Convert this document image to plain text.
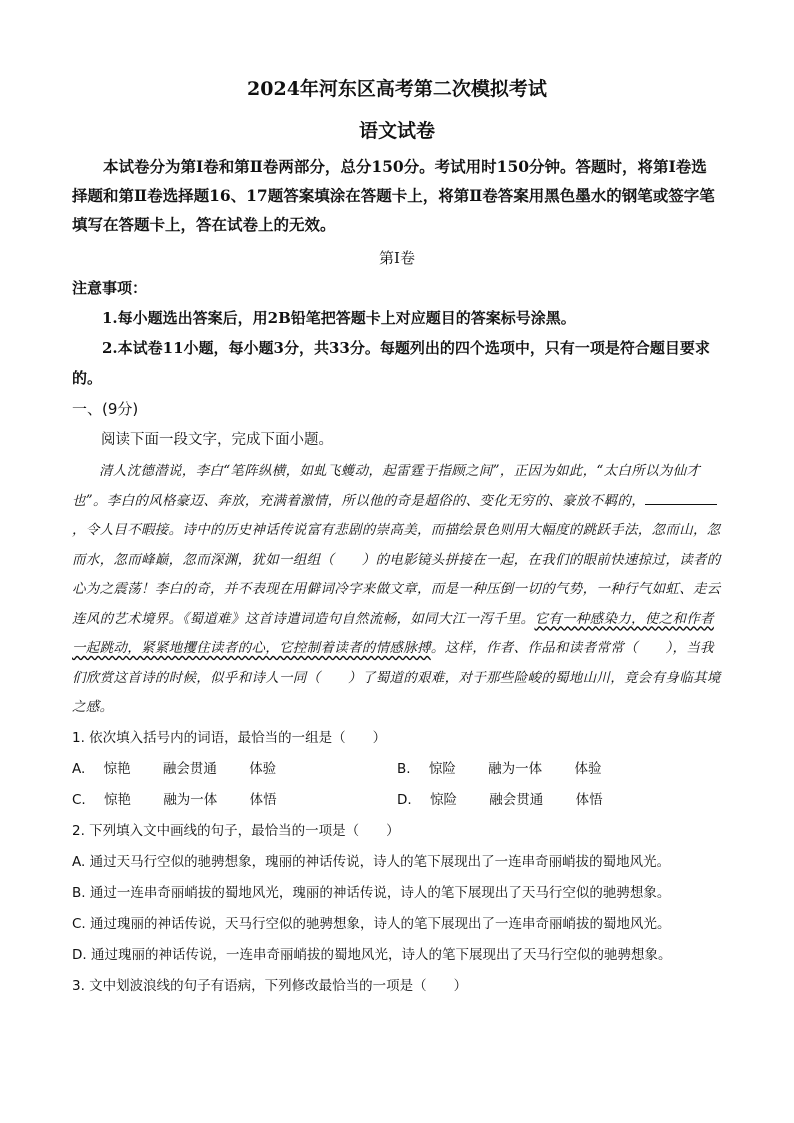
2024年河东区高考第二次模拟考试
语文试卷

本试卷分为第Ⅰ卷和第Ⅱ卷两部分，总分150分。考试用时150分钟。答题时，将第Ⅰ卷选择题和第Ⅱ卷选择题16、17题答案填涂在答题卡上，将第Ⅱ卷答案用黑色墨水的钢笔或签字笔填写在答题卡上，答在试卷上的无效。

第Ⅰ卷
注意事项：

1.每小题选出答案后，用2B铅笔把答题卡上对应题目的答案标号涂黑。

2.本试卷11小题，每小题3分，共33分。每题列出的四个选项中，只有一项是符合题目要求的。

一、(9分)
阅读下面一段文字，完成下面小题。

清人沈德潜说，李白“笔阵纵横，如虬飞蠖动，起雷霆于指顾之间”，正因为如此，“太白所以为仙才也”。李白的风格豪迈、奔放，充满着激情，所以他的奇是超俗的、变化无穷的、豪放不羁的，，令人目不暇接。诗中的历史神话传说富有悲剧的崇高美，而描绘景色则用大幅度的跳跃手法，忽而山，忽而水，忽而峰巅，忽而深渊，犹如一组组（　　）的电影镜头拼接在一起，在我们的眼前快速掠过，读者的心为之震荡！李白的奇，并不表现在用僻词冷字来做文章，而是一种压倒一切的气势，一种行气如虹、走云连风的艺术境界。《蜀道难》这首诗遣词造句自然流畅，如同大江一泻千里。它有一种感染力，使之和作者一起跳动，紧紧地攫住读者的心，它控制着读者的情感脉搏。这样，作者、作品和读者常常（　　），当我们欣赏这首诗的时候，似乎和诗人一同（　　）了蜀道的艰难，对于那些险峻的蜀地山川，竟会有身临其境之感。

1. 依次填入括号内的词语，最恰当的一组是（　　）
A. 惊艳 融会贯通 体验	B. 惊险 融为一体 体验
C. 惊艳 融为一体 体悟	D. 惊险 融会贯通 体悟
2. 下列填入文中画线的句子，最恰当的一项是（　　）
A. 通过天马行空似的驰骋想象，瑰丽的神话传说，诗人的笔下展现出了一连串奇丽峭拔的蜀地风光。
B. 通过一连串奇丽峭拔的蜀地风光，瑰丽的神话传说，诗人的笔下展现出了天马行空似的驰骋想象。
C. 通过瑰丽的神话传说，天马行空似的驰骋想象，诗人的笔下展现出了一连串奇丽峭拔的蜀地风光。
D. 通过瑰丽的神话传说，一连串奇丽峭拔的蜀地风光，诗人的笔下展现出了天马行空似的驰骋想象。
3. 文中划波浪线的句子有语病，下列修改最恰当的一项是（　　）
